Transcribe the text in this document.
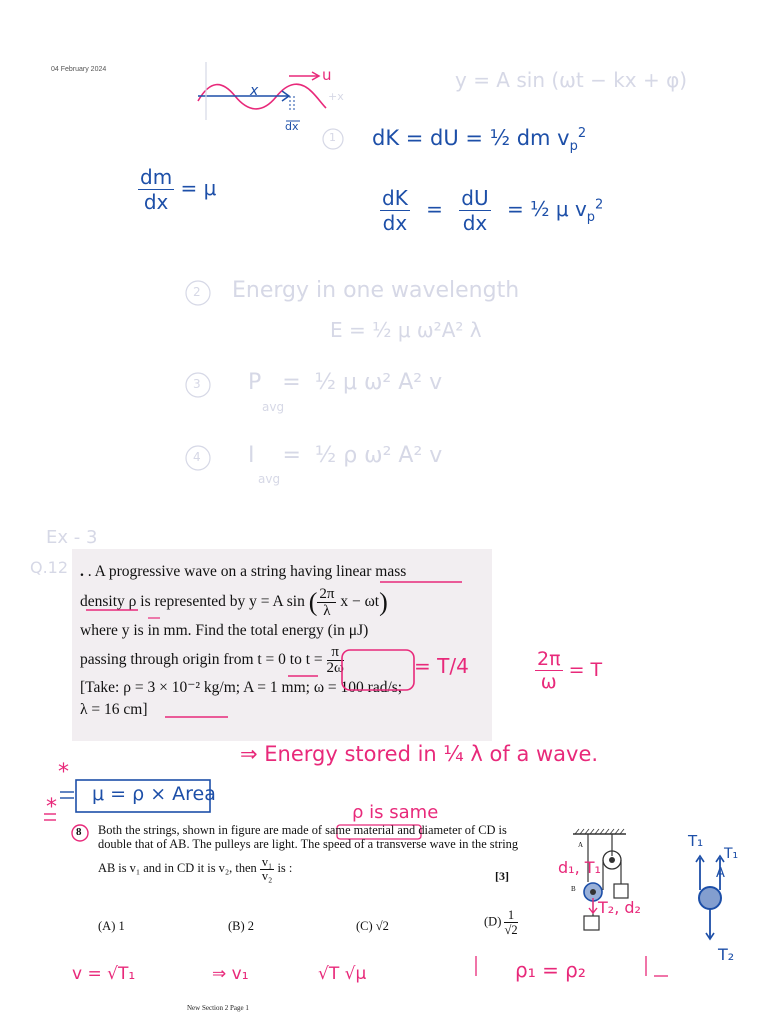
04 February 2024
New Section 2 Page 1
x
dx
u
+x
y = A sin (ωt − kx + φ)
$\frac{dm}{dx} = \mu$
1 dK = dU = ½ dm $v_p^2$
$\frac{dK}{dx} = \frac{dU}{dx}$ = ½ μ $v_p^2$
2 Energy in one wavelength
E = ½ μ ω²A² λ
3 P   =  ½ μ ω² A² v
avg
4 I    =  ½ ρ ω² A² v
avg
Ex - 3
Q.12 . . A progressive wave on a string having linear mass

density ρ is represented by y = A sin ( $\frac{2\pi}{\lambda}$ x − ωt)

where y is in mm. Find the total energy (in μJ)

passing through origin from t = 0 to $t = \frac{\pi}{2\omega}$

[Take: ρ = 3 × 10⁻² kg/m; A = 1 mm; ω = 100 rad/s;

λ = 16 cm]

= T/4	$\frac{2\pi}{\omega} = T$
⇒ Energy stored in ¼ λ of a wave.
*
*
μ = ρ × Area
ρ is same
8 Both the strings, shown in figure are made of same material and diameter of CD is

double that of AB. The pulleys are light. The speed of a transverse wave in the string

AB is v₁ and in CD it is v₂, then $\frac{\text{v₁}}{\text{v₂}}$ is :

[3]
(A) 1	(B) 2	(C) √2	$(D) \frac{1}{√2}$
A
B
d₁, T₁
T₂, d₂
T₁
T₁
A
T₂
v = √T₁	⇒ v₁	√T √μ	ρ₁ = ρ₂
